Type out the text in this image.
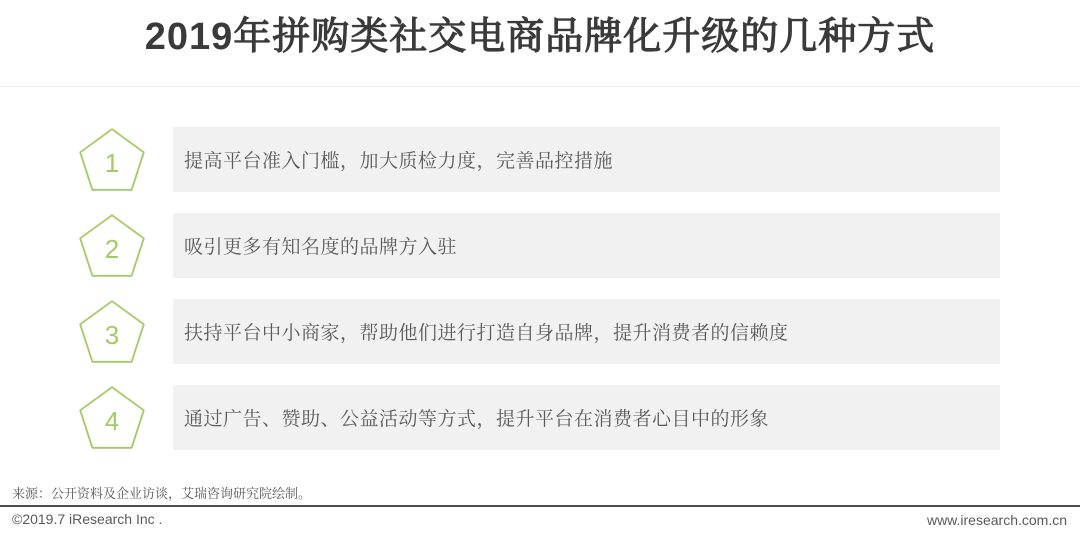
2019年拼购类社交电商品牌化升级的几种方式
1	提高平台准入门槛，加大质检力度，完善品控措施
2	吸引更多有知名度的品牌方入驻
3	扶持平台中小商家，帮助他们进行打造自身品牌，提升消费者的信赖度
4	通过广告、赞助、公益活动等方式，提升平台在消费者心目中的形象
来源：公开资料及企业访谈，艾瑞咨询研究院绘制。
©2019.7 iResearch Inc .	www.iresearch.com.cn
